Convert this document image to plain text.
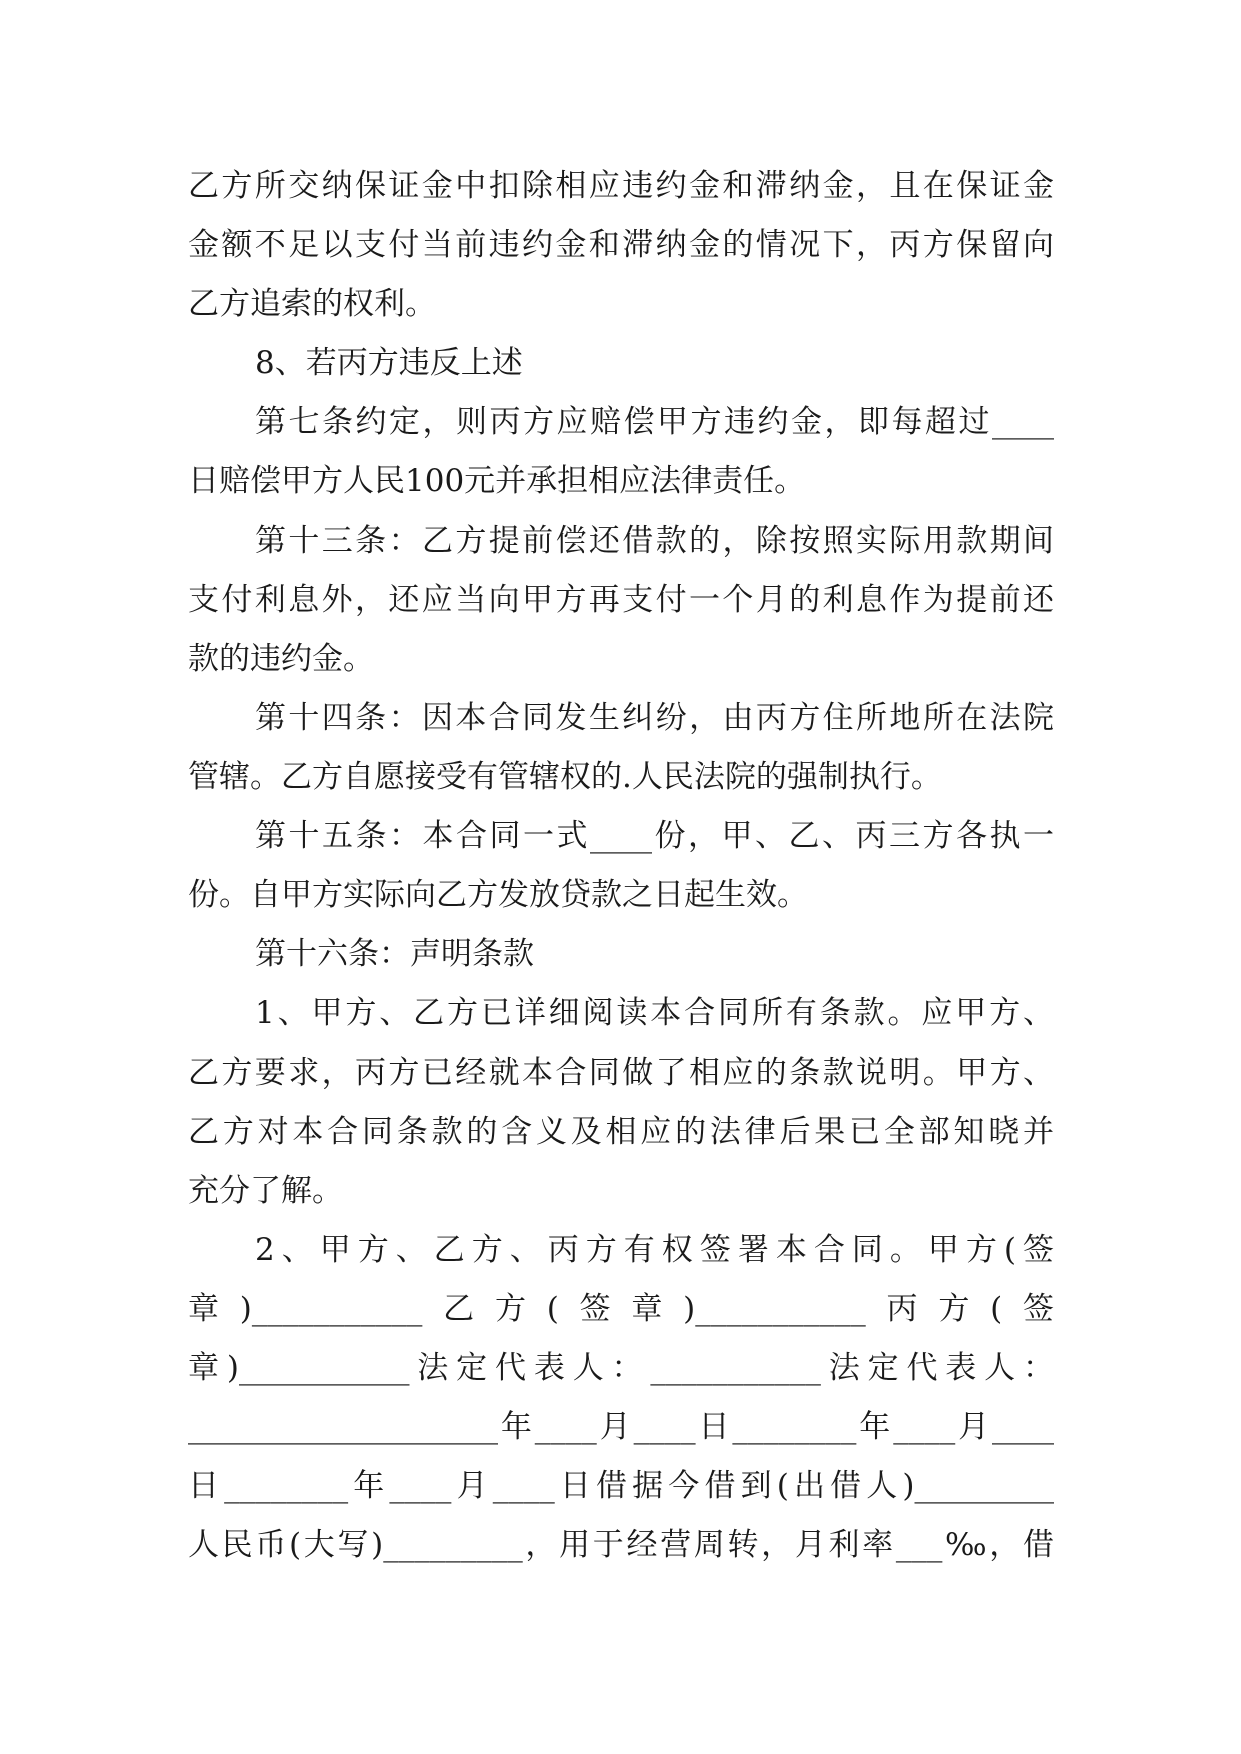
乙方所交纳保证金中扣除相应违约金和滞纳金，且在保证金
金额不足以支付当前违约金和滞纳金的情况下，丙方保留向
乙方追索的权利。
8、若丙方违反上述
第七条约定，则丙方应赔偿甲方违约金，即每超过____
日赔偿甲方人民100元并承担相应法律责任。
第十三条：乙方提前偿还借款的，除按照实际用款期间
支付利息外，还应当向甲方再支付一个月的利息作为提前还
款的违约金。
第十四条：因本合同发生纠纷，由丙方住所地所在法院
管辖。乙方自愿接受有管辖权的.人民法院的强制执行。
第十五条：本合同一式____份，甲、乙、丙三方各执一
份。自甲方实际向乙方发放贷款之日起生效。
第十六条：声明条款
1、甲方、乙方已详细阅读本合同所有条款。应甲方、
乙方要求，丙方已经就本合同做了相应的条款说明。甲方、
乙方对本合同条款的含义及相应的法律后果已全部知晓并
充分了解。
2、甲方、乙方、丙方有权签署本合同。甲方(签
章)___________乙方(签章)___________丙方(签
章)___________法定代表人：___________法定代表人：
____________________年____月____日________年____月____
日________年____月____日借据今借到(出借人)_________
人民币(大写)_________，用于经营周转，月利率___‰，借
